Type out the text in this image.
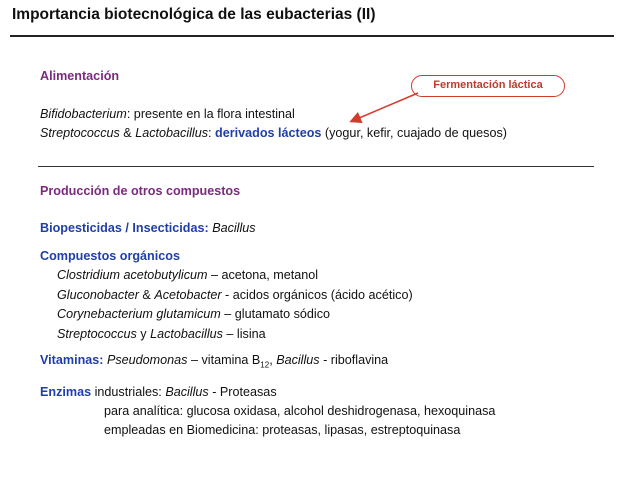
Importancia biotecnológica de las eubacterias (II)
Fermentación láctica
Alimentación
Bifidobacterium: presente en la flora intestinal
Streptococcus & Lactobacillus: derivados lácteos (yogur, kefir, cuajado de quesos)
Producción de otros compuestos
Biopesticidas / Insecticidas: Bacillus
Compuestos orgánicos
Clostridium acetobutylicum – acetona, metanol
Gluconobacter & Acetobacter - acidos orgánicos (ácido acético)
Corynebacterium glutamicum – glutamato sódico
Streptococcus y Lactobacillus – lisina
Vitaminas: Pseudomonas – vitamina $B_{12}$, Bacillus - riboflavina
Enzimas industriales: Bacillus - Proteasas
para analítica: glucosa oxidasa, alcohol deshidrogenasa, hexoquinasa
empleadas en Biomedicina: proteasas, lipasas, estreptoquinasa
